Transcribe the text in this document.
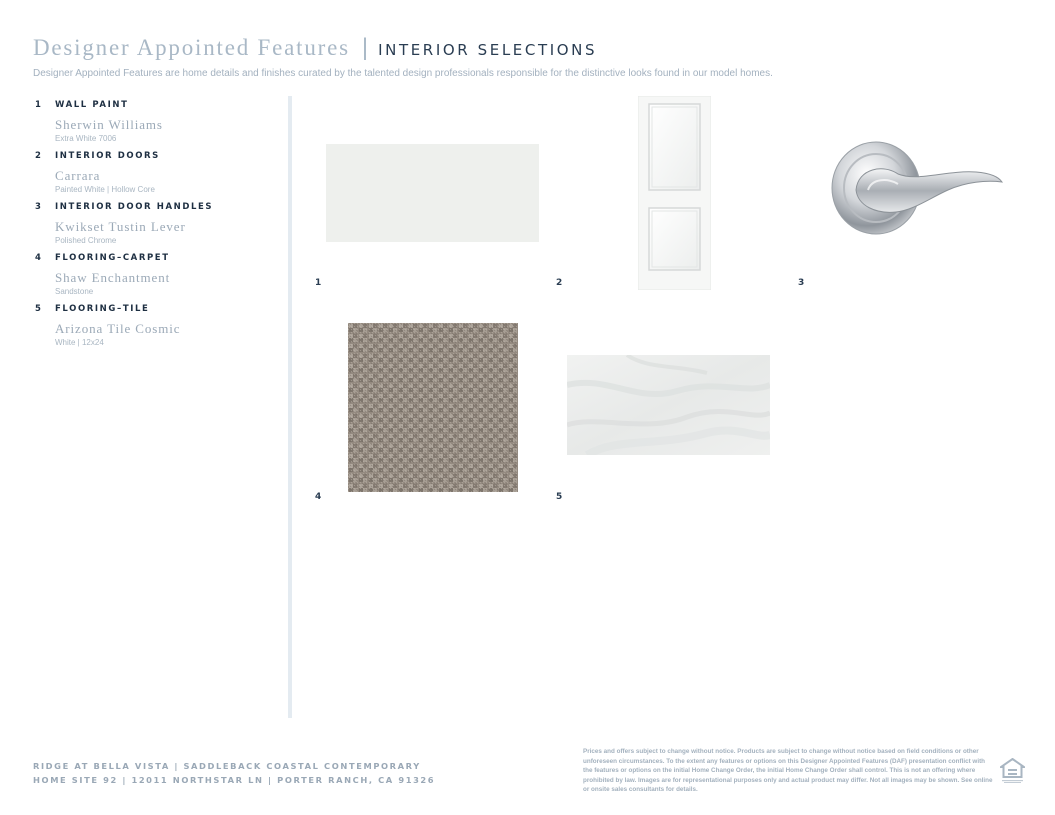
Designer Appointed Features | INTERIOR SELECTIONS
Designer Appointed Features are home details and finishes curated by the talented design professionals responsible for the distinctive looks found in our model homes.
1	WALL PAINT
Sherwin Williams
Extra White 7006
2	INTERIOR DOORS
Carrara
Painted White | Hollow Core
3	INTERIOR DOOR HANDLES
Kwikset Tustin Lever
Polished Chrome
4	FLOORING–CARPET
Shaw Enchantment
Sandstone
5	FLOORING–TILE
Arizona Tile Cosmic
White | 12x24
1	2	3
4	5
RIDGE AT BELLA VISTA | SADDLEBACK COASTAL CONTEMPORARY
HOME SITE 92 | 12011 NORTHSTAR LN | PORTER RANCH, CA 91326
Prices and offers subject to change without notice. Products are subject to change without notice based on field conditions or other unforeseen circumstances. To the extent any features or options on this Designer Appointed Features (DAF) presentation conflict with the features or options on the initial Home Change Order, the initial Home Change Order shall control. This is not an offering where prohibited by law. Images are for representational purposes only and actual product may differ. Not all images may be shown. See online or onsite sales consultants for details.
